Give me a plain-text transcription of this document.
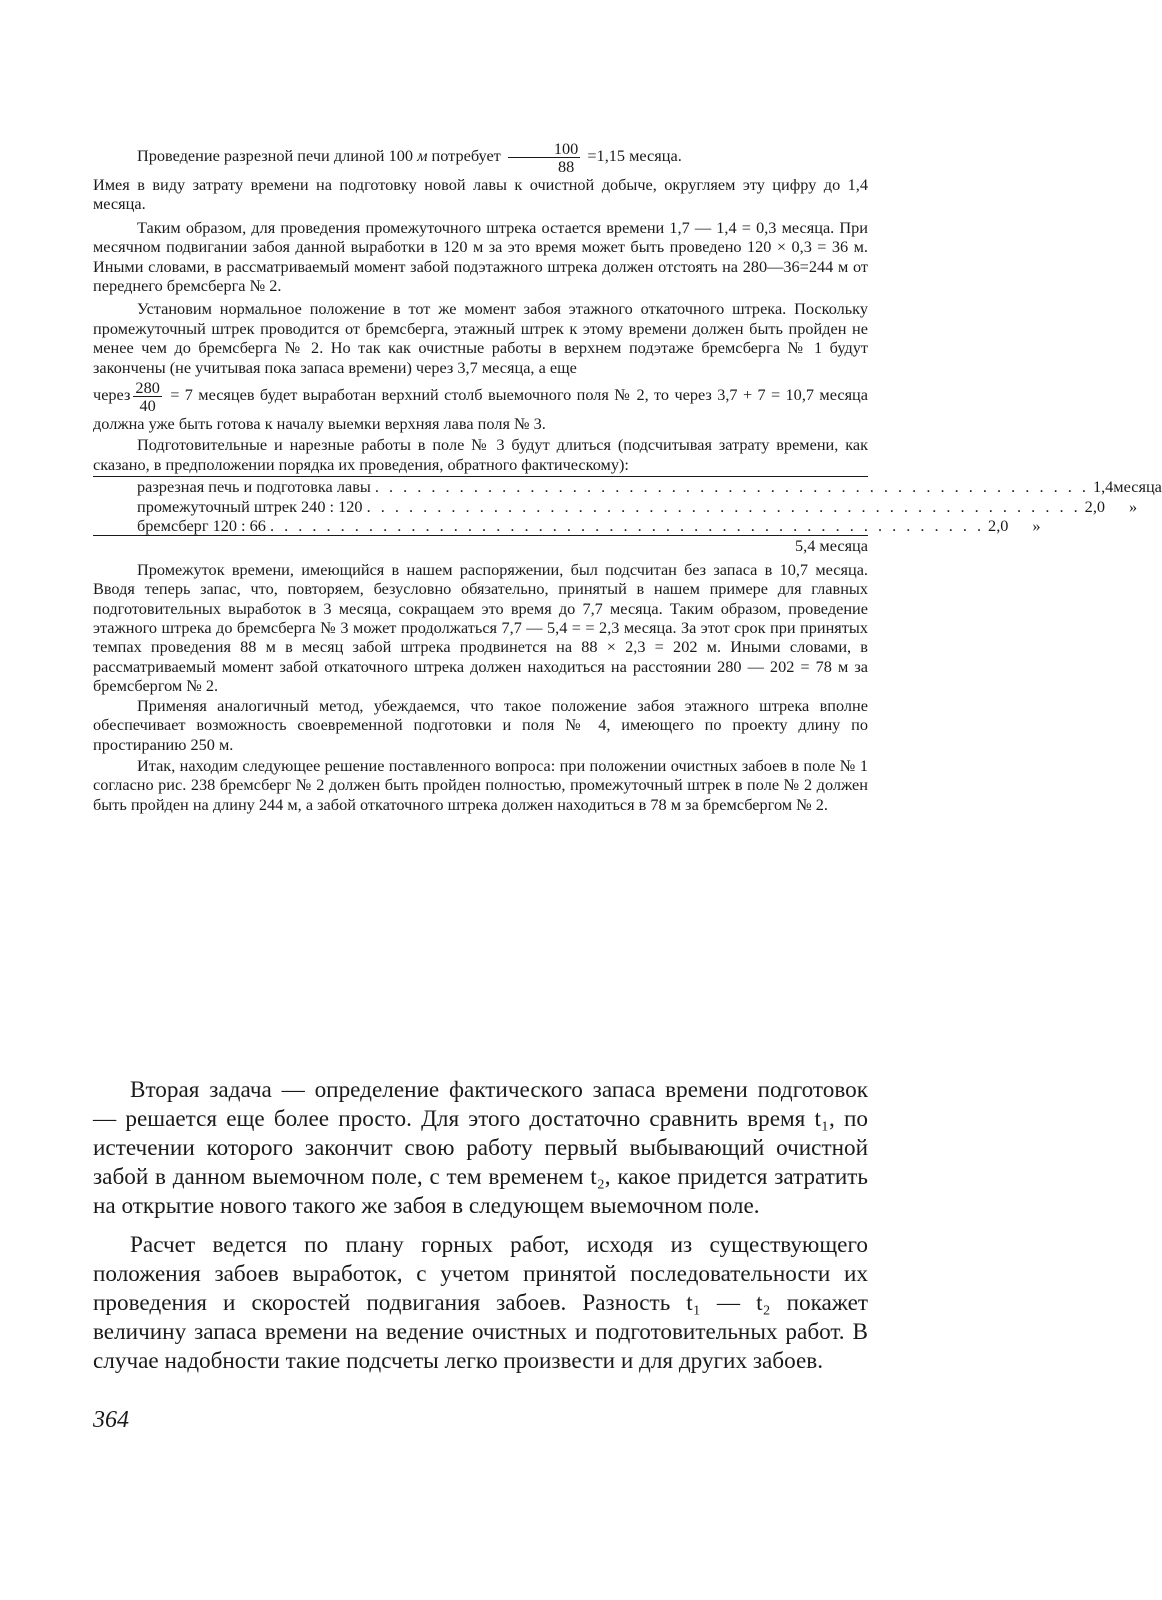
Проведение разрезной печи длиной 100 м потребует $\frac{100}{88} =1,15$ месяца.

Имея в виду затрату времени на подготовку новой лавы к очистной добыче, округляем эту цифру до 1,4 месяца.

Таким образом, для проведения промежуточного штрека остается времени 1,7 — 1,4 = 0,3 месяца. При месячном подвигании забоя данной выработки в 120 м за это время может быть проведено 120 × 0,3 = 36 м. Иными словами, в рассматриваемый момент забой подэтажного штрека должен отстоять на 280—36=244 м от переднего бремсберга № 2.

Установим нормальное положение в тот же момент забоя этажного откаточного штрека. Поскольку промежуточный штрек проводится от бремсберга, этажный штрек к этому времени должен быть пройден не менее чем до бремсберга № 2. Но так как очистные работы в верхнем подэтаже бремсберга № 1 будут закончены (не учитывая пока запаса времени) через 3,7 месяца, а еще

через $\frac{280}{40} = 7$ месяцев будет выработан верхний столб выемочного поля № 2, то через 3,7 + 7 = 10,7 месяца должна уже быть готова к началу выемки верхняя лава поля № 3.

Подготовительные и нарезные работы в поле № 3 будут длиться (подсчитывая затрату времени, как сказано, в предположении порядка их проведения, обратного фактическому):

разрезная печь и подготовка лавы . . . . . . . . . . . . . . . . . . . . . . . . . . . . . . . . . . . . . . . . . . . . . . . . . . . 1,4 месяца
промежуточный штрек 240 : 120 . . . . . . . . . . . . . . . . . . . . . . . . . . . . . . . . . . . . . . . . . . . . . . . . . . . 2,0	»
бремсберг 120 : 66 . . . . . . . . . . . . . . . . . . . . . . . . . . . . . . . . . . . . . . . . . . . . . . . . . . . 2,0	»
5,4 месяца

Промежуток времени, имеющийся в нашем распоряжении, был подсчитан без запаса в 10,7 месяца. Вводя теперь запас, что, повторяем, безусловно обязательно, принятый в нашем примере для главных подготовительных выработок в 3 месяца, сокращаем это время до 7,7 месяца. Таким образом, проведение этажного штрека до бремсберга № 3 может продолжаться 7,7 — 5,4 = = 2,3 месяца. За этот срок при принятых темпах проведения 88 м в месяц забой штрека продвинется на 88 × 2,3 = 202 м. Иными словами, в рассматриваемый момент забой откаточного штрека должен находиться на расстоянии 280 — 202 = 78 м за бремсбергом № 2.

Применяя аналогичный метод, убеждаемся, что такое положение забоя этажного штрека вполне обеспечивает возможность своевременной подготовки и поля № 4, имеющего по проекту длину по простиранию 250 м.

Итак, находим следующее решение поставленного вопроса: при положении очистных забоев в поле № 1 согласно рис. 238 бремсберг № 2 должен быть пройден полностью, промежуточный штрек в поле № 2 должен быть пройден на длину 244 м, а забой откаточного штрека должен находиться в 78 м за бремсбергом № 2.

Вторая задача — определение фактического запаса времени подготовок — решается еще более просто. Для этого достаточно сравнить время t₁, по истечении которого закончит свою работу первый выбывающий очистной забой в данном выемочном поле, с тем временем t₂, какое придется затратить на открытие нового такого же забоя в следующем выемочном поле.

Расчет ведется по плану горных работ, исходя из существующего положения забоев выработок, с учетом принятой последовательности их проведения и скоростей подвигания забоев. Разность t₁ — t₂ покажет величину запаса времени на ведение очистных и подготовительных работ. В случае надобности такие подсчеты легко произвести и для других забоев.

364
